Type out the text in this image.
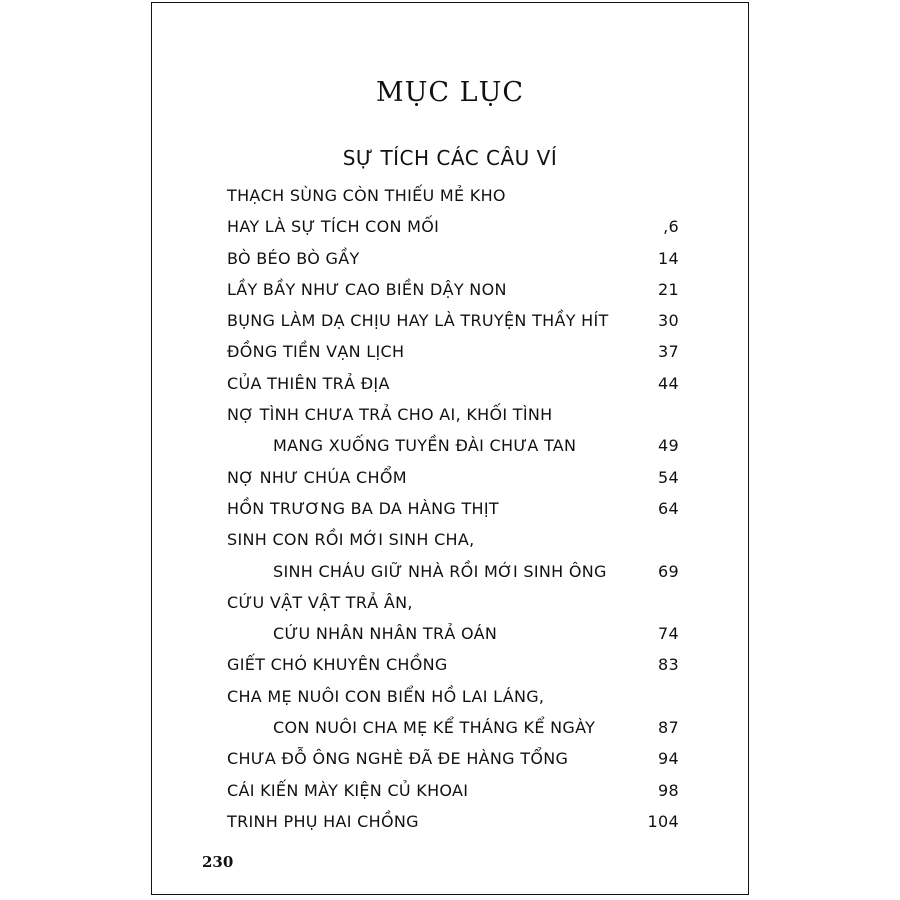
MỤC LỤC
SỰ TÍCH CÁC CÂU VÍ
THẠCH SÙNG CÒN THIẾU MẺ KHO
HAY LÀ SỰ TÍCH CON MỐI	,6
BÒ BÉO BÒ GẦY	14
LẦY BẦY NHƯ CAO BIỀN DẬY NON	21
BỤNG LÀM DẠ CHỊU HAY LÀ TRUYỆN THẦY HÍT	30
ĐỒNG TIỀN VẠN LỊCH	37
CỦA THIÊN TRẢ ĐỊA	44
NỢ TÌNH CHƯA TRẢ CHO AI, KHỐI TÌNH
MANG XUỐNG TUYỀN ĐÀI CHƯA TAN	49
NỢ NHƯ CHÚA CHỔM	54
HỒN TRƯƠNG BA DA HÀNG THỊT	64
SINH CON RỒI MỚI SINH CHA,
SINH CHÁU GIỮ NHÀ RỒI MỚI SINH ÔNG	69
CỨU VẬT VẬT TRẢ ÂN,
CỨU NHÂN NHÂN TRẢ OÁN	74
GIẾT CHÓ KHUYÊN CHỒNG	83
CHA MẸ NUÔI CON BIỂN HỒ LAI LÁNG,
CON NUÔI CHA MẸ KỂ THÁNG KỂ NGÀY	87
CHƯA ĐỖ ÔNG NGHÈ ĐÃ ĐE HÀNG TỔNG	94
CÁI KIẾN MÀY KIỆN CỦ KHOAI	98
TRINH PHỤ HAI CHỒNG	104
230
